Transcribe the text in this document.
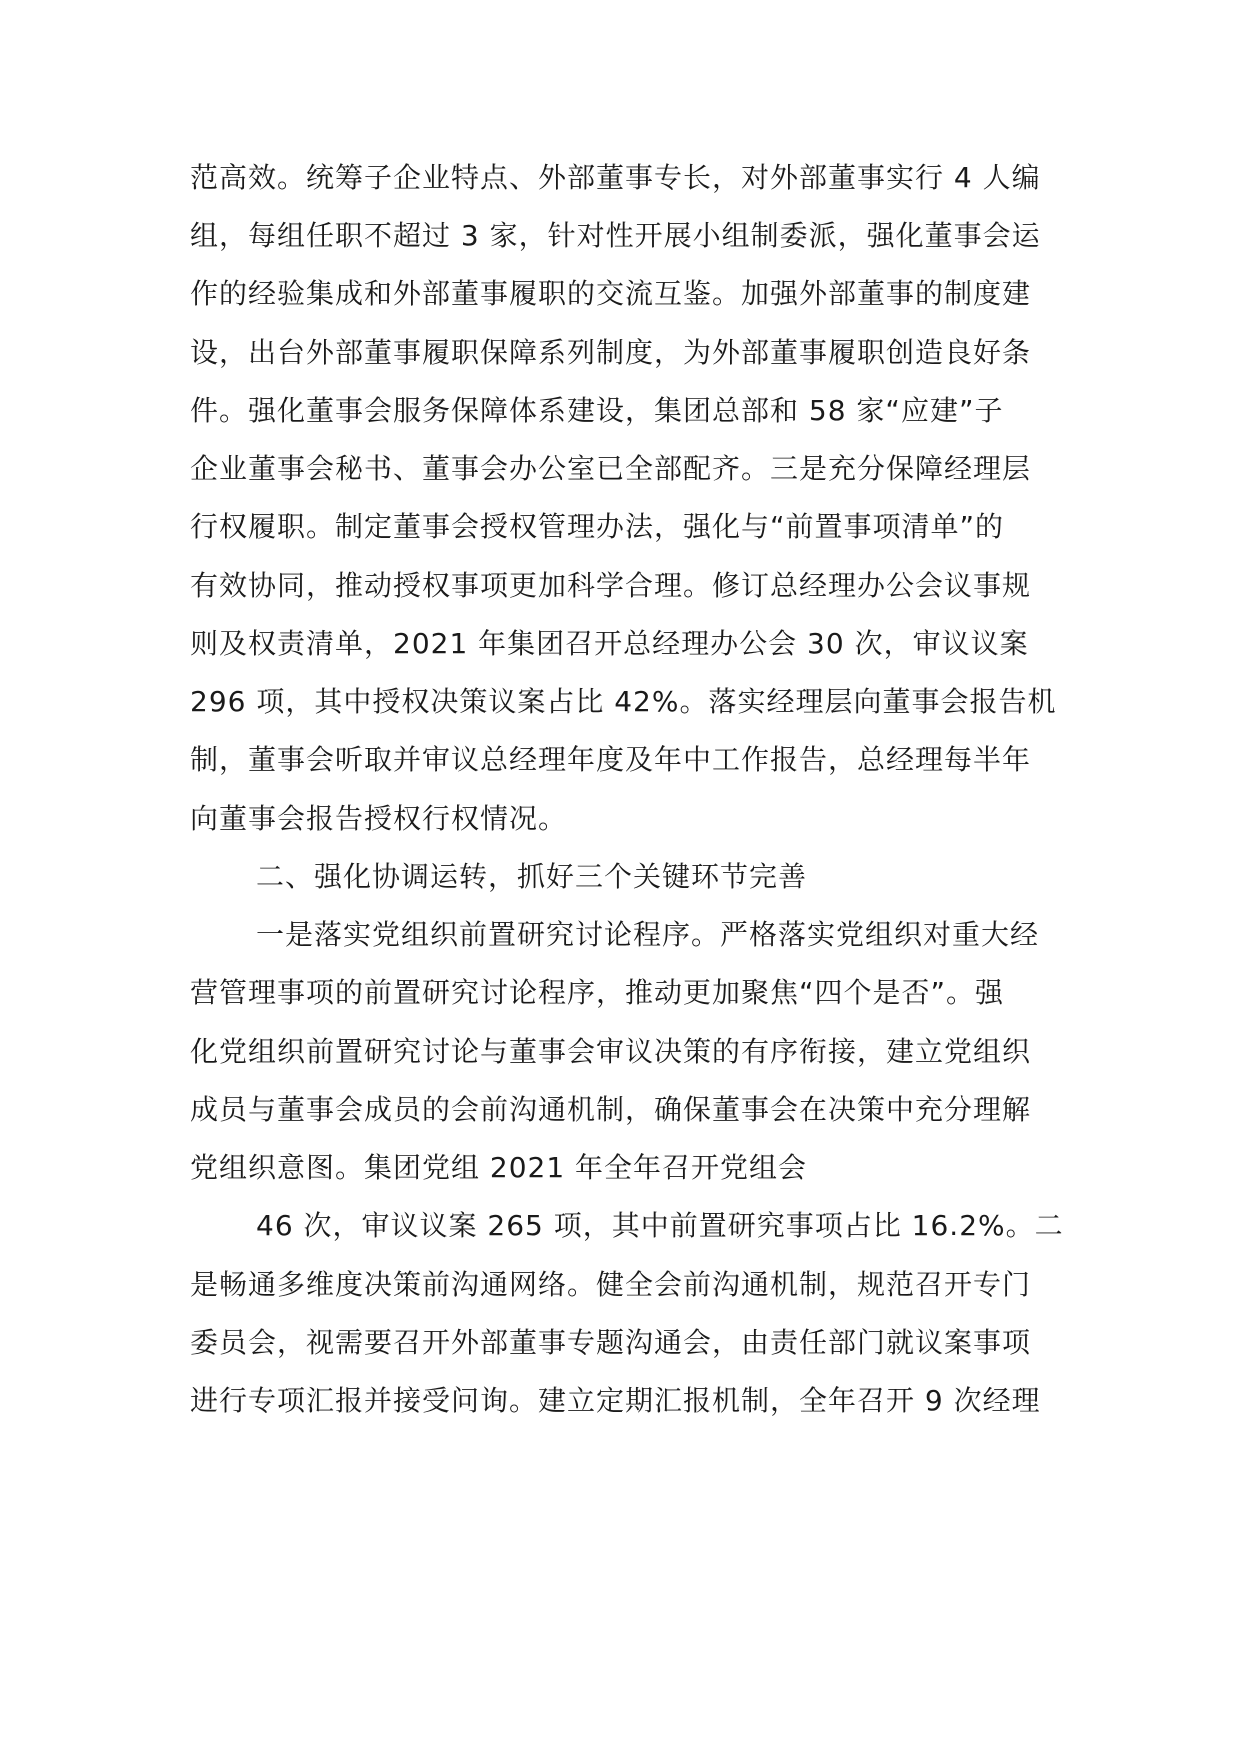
范高效。统筹子企业特点、外部董事专长，对外部董事实行 4 人编
组，每组任职不超过 3 家，针对性开展小组制委派，强化董事会运
作的经验集成和外部董事履职的交流互鉴。加强外部董事的制度建
设，出台外部董事履职保障系列制度，为外部董事履职创造良好条
件。强化董事会服务保障体系建设，集团总部和 58 家“应建”子
企业董事会秘书、董事会办公室已全部配齐。三是充分保障经理层
行权履职。制定董事会授权管理办法，强化与“前置事项清单”的
有效协同，推动授权事项更加科学合理。修订总经理办公会议事规
则及权责清单，2021 年集团召开总经理办公会 30 次，审议议案
296 项，其中授权决策议案占比 42%。落实经理层向董事会报告机
制，董事会听取并审议总经理年度及年中工作报告，总经理每半年
向董事会报告授权行权情况。
二、强化协调运转，抓好三个关键环节完善
一是落实党组织前置研究讨论程序。严格落实党组织对重大经
营管理事项的前置研究讨论程序，推动更加聚焦“四个是否”。强
化党组织前置研究讨论与董事会审议决策的有序衔接，建立党组织
成员与董事会成员的会前沟通机制，确保董事会在决策中充分理解
党组织意图。集团党组 2021 年全年召开党组会
46 次，审议议案 265 项，其中前置研究事项占比 16.2%。二
是畅通多维度决策前沟通网络。健全会前沟通机制，规范召开专门
委员会，视需要召开外部董事专题沟通会，由责任部门就议案事项
进行专项汇报并接受问询。建立定期汇报机制，全年召开 9 次经理
